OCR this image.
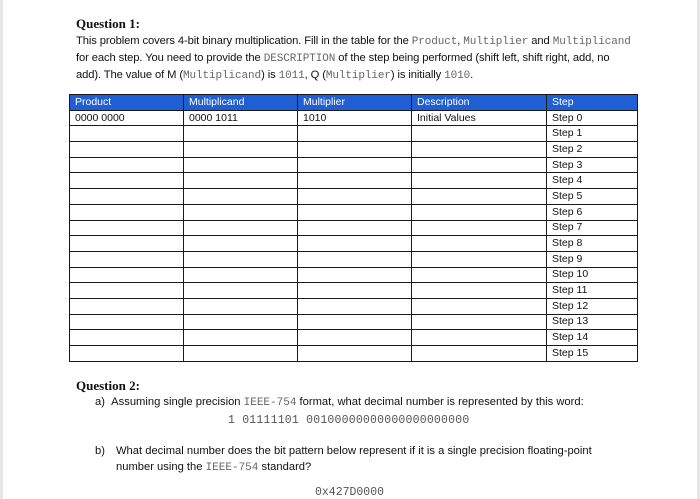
Question 1:
This problem covers 4-bit binary multiplication. Fill in the table for the Product, Multiplier and Multiplicand for each step. You need to provide the DESCRIPTION of the step being performed (shift left, shift right, add, no add). The value of M (Multiplicand) is 1011, Q (Multiplier) is initially 1010.
Product	Multiplicand	Multiplier	Description	Step
0000 0000	0000 1011	1010	Initial Values	Step 0
				Step 1
				Step 2
				Step 3
				Step 4
				Step 5
				Step 6
				Step 7
				Step 8
				Step 9
				Step 10
				Step 11
				Step 12
				Step 13
				Step 14
				Step 15
Question 2:
a) Assuming single precision IEEE-754 format, what decimal number is represented by this word:
1 01111101 00100000000000000000000
b) What decimal number does the bit pattern below represent if it is a single precision floating-point number using the IEEE-754 standard?
0x427D0000
